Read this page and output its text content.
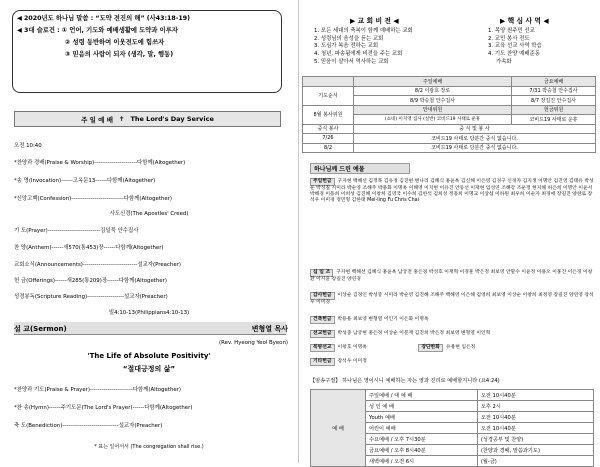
◀ 2020년도 하나님 말씀 : “도약 전진의 해” (사43:18-19)
◀ 3대 슬로건 : ① 언어, 기도와 예배생활에 도약과 이루자
② 성령 동반하여 이웃전도에 힘쓰자
③ 믿음의 사람이 되자 (생각, 말, 행동)
주 일 예 배 ✝ The Lord's Day Service
오전 10:40
*찬양과 경배(Praise & Worship)----------------------다함께(Altogether)
*송 영(Invocation)------고옥문13------다함께(Altogether)
*신앙고백(Confession)---------------------------다함께(Altogether)
사도신경(The Apostles' Creed)
기 도(Prayer)---------------------------김일묵 안수집사
찬 양(Anthem)------새570(통453)장------다함께(Altogether)
교회소식(Announcements)----------------------------설교자(Preacher)
헌 금(Offerings)------새285(통209)장------다함께(Altogether)
성경봉독(Scripture Reading)-------------------설교자(Preacher)
빌4:10-13(Philippians4:10-13)
설 교(Sermon)	변형열 목사
(Rev. Hyeong Yeol Byeon)
'The Life of Absolute Positivity'
“절대긍정의 삶”
*찬양과 기도(Praise & Prayer)----------------------다함께(Altogether)
*찬 송(Hymn)------주기도문(The Lord's Prayer)------다함께(Altogether)
축 도(Benediction)-----------------------------설교자(Preacher)
* 표는 일어서서 (The congregation shall rise.)
▶ 교 회 비 전 ◀	▶ 핵 심 사 역 ◀
1. 모든 세대의 축복이 함께 예배하는 교회
2. 성령님의 음성을 듣는 교회
3. 도심가 복음 전하는 교회
4. 청년, 파송됨에게 비전을 주는 교회
5. 믿음이 살아서 역사하는 교회
1. 목양 원주민 선교
2. 교민 봉사 전도
3. 교육 선교 사역 학습
4. 기도 찬양 예배준동
가속화
	주일예배	금요예배
기도순서	8/2 이광호 장로	7/31 박승철 안수집사
	8/9 박승철 안수집사	8/7 장길진 안수집사
8월 봉사위원	안내위원	헌금위원
	(쇼네) 이지영 집사 (실반) 코비드19 사태로 운휴	코비드19 사태로 운휴
중식 봉사	중 식 및 봉 사	
7/26	코비드19 사태로 당분간 중식 없습니다.	
8/2	코비드19 사태로 당분간 중식 없습니다.	
하나님께 드린 예물
주일헌금 구자현 백해선 김정목 김유경 김진현 변나리 김혜식 홍윤옥 김신해 이은영 김경구 신경자 김지생 이명안 김진영 김태유 박성운 박성칠 시미라 박순영 조해주 박용화 이명옥 이해영 이지현 이유진 안동선 이재현 임성연 조해강 조운정 현지혜 허은희 이명안 이윤서 박해경 이동희 이희성 김진혜 이창희 김영국 이수희 김한석 김희성 정흥희 이명교 이상섭 이하원 최우희 이순자 최경애 장길진 양찬로 장석우 이미경 정민형 김한태 Mei-ling Fu Chris Chai
십 일 조 구자현 백해선 김혜식 홍윤옥 남궁전 홍은경 박성호 이재혁 이경훈 박은정 최보영 안말수 이윤정 이용오 이홍진 이은경 이창환 이시윤 장길진 양연경
감사헌금 이상순 김경인 박성중 시미라 박순영 김진해 조해주 백해영 이은해 김영희 최보영 이상순 이창희 최정영 장길진 양연영 장석우 이미경
건축헌금 박용용 최보영 변형열 이인기 이은화 이명옥
선교헌금 박성중 남궁현 홍은경 이상순 이문재 김진희 박은정 최보영 변형열 이인혁
북방선교 이창호 이명옥	장단한화 유용현 임은정
기타헌금 장석우 이미정
【암송구절】 하나님은 영이시니 예배하는 자는 영과 진리로 예배할지니라 (요4:24)
예 배	주일예배 / 대 예 배	오전 10시40분
	성 인 예 배	오후 2시
	Youth 예배	오전 10시40분
	어린이 예배	오전 10시40분
	수요예배 / 오후 7시30분	(성경공부 및 찬양)
	금요예배 / 오후 8시40분	(찬양과 경배, 말씀과기도)
	새벽예배 / 오전 6시	(월-금)
